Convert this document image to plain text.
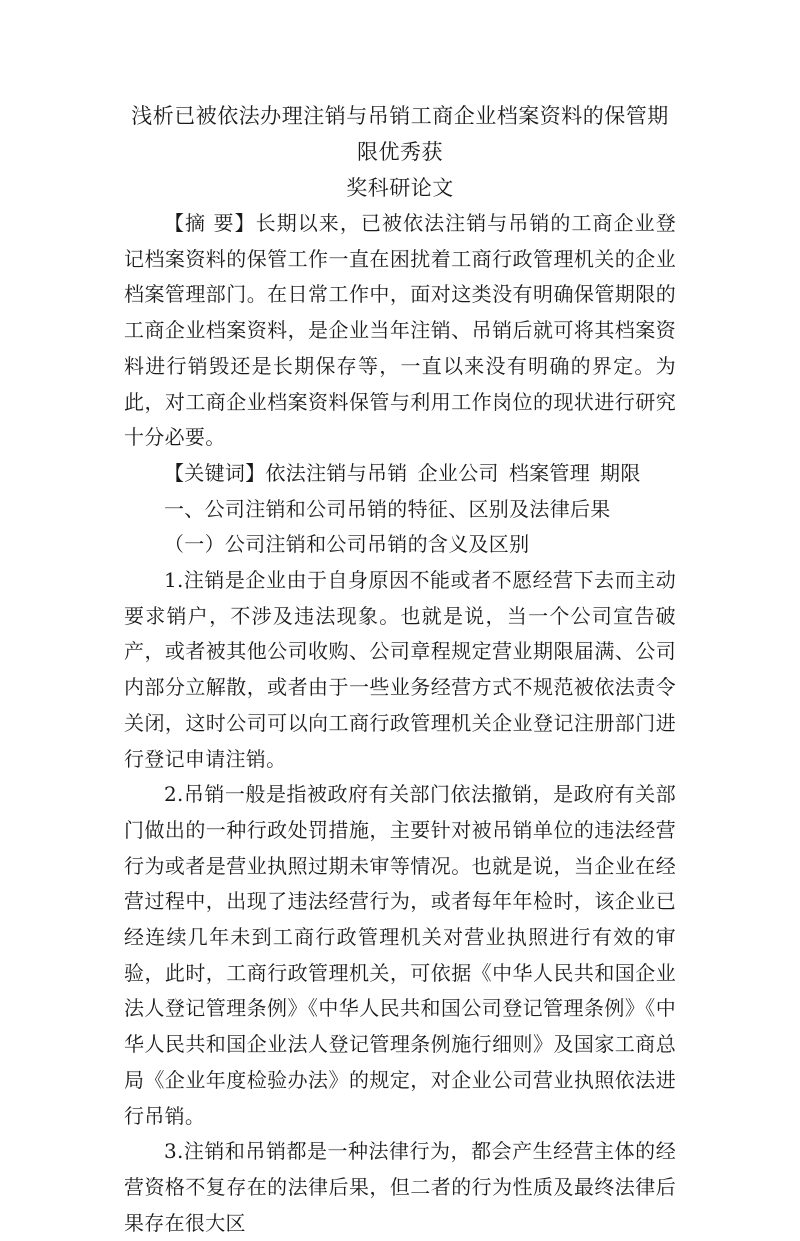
浅析已被依法办理注销与吊销工商企业档案资料的保管期限优秀获
奖科研论文

【摘 要】长期以来，已被依法注销与吊销的工商企业登记档案资料的保管工作一直在困扰着工商行政管理机关的企业档案管理部门。在日常工作中，面对这类没有明确保管期限的工商企业档案资料，是企业当年注销、吊销后就可将其档案资料进行销毁还是长期保存等，一直以来没有明确的界定。为此，对工商企业档案资料保管与利用工作岗位的现状进行研究十分必要。

【关键词】依法注销与吊销 企业公司 档案管理 期限

一、公司注销和公司吊销的特征、区别及法律后果

（一）公司注销和公司吊销的含义及区别

1.注销是企业由于自身原因不能或者不愿经营下去而主动要求销户，不涉及违法现象。也就是说，当一个公司宣告破产，或者被其他公司收购、公司章程规定营业期限届满、公司内部分立解散，或者由于一些业务经营方式不规范被依法责令关闭，这时公司可以向工商行政管理机关企业登记注册部门进行登记申请注销。

2.吊销一般是指被政府有关部门依法撤销，是政府有关部门做出的一种行政处罚措施，主要针对被吊销单位的违法经营行为或者是营业执照过期未审等情况。也就是说，当企业在经营过程中，出现了违法经营行为，或者每年年检时，该企业已经连续几年未到工商行政管理机关对营业执照进行有效的审验，此时，工商行政管理机关，可依据《中华人民共和国企业法人登记管理条例》《中华人民共和国公司登记管理条例》《中华人民共和国企业法人登记管理条例施行细则》及国家工商总局《企业年度检验办法》的规定，对企业公司营业执照依法进行吊销。

3.注销和吊销都是一种法律行为，都会产生经营主体的经营资格不复存在的法律后果，但二者的行为性质及最终法律后果存在很大区
